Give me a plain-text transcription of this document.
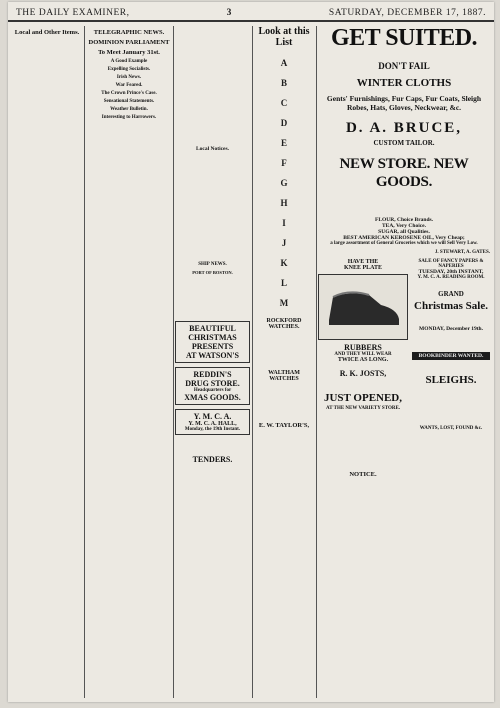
THE DAILY EXAMINER,	3	SATURDAY, DECEMBER 17, 1887.
Local and Other Items.	TELEGRAPHIC NEWS.
DOMINION PARLIAMENT
To Meet January 31st.
A Good Example
Expelling Socialists.
Irish News.
War Feared.
The Crown Prince's Case.
Sensational Statements.
Weather Bulletin.
Interesting to Harrowers.
Local Notices.
SHIP NEWS.
PORT OF BOSTON.
BEAUTIFUL
CHRISTMAS
PRESENTS
AT WATSON'S
REDDIN'S
DRUG STORE.
Headquarters for
XMAS GOODS.
Y. M. C. A.
Y. M. C. A. HALL,
Monday, the 19th Instant.
TENDERS.
Look at this List
A
B
C
D
E
F
G
H
I
J
K
L
M
ROCKFORD WATCHES.
WALTHAM WATCHES
E. W. TAYLOR'S,
GET SUITED.
DON'T FAIL
WINTER CLOTHS
Gents' Furnishings, Fur Caps, Fur Coats, Sleigh Robes, Hats, Gloves, Neckwear, &c.
D. A. BRUCE,
CUSTOM TAILOR.
NEW STORE. NEW GOODS.
FLOUR, Choice Brands.
TEA, Very Choice.
SUGAR, all Qualities.
BEST AMERICAN KEROSENE OIL, Very Cheap;
a large assortment of General Groceries which we will Sell Very Low.
J. STEWART, A. GATES.
HAVE THE
KNEE PLATE
RUBBERS
AND THEY WILL WEAR
TWICE AS LONG.
R. K. JOSTS,
JUST OPENED,
AT THE NEW VARIETY STORE.
NOTICE.
SALE OF FANCY PAPERS & NAPERIES
TUESDAY, 20th INSTANT,
Y. M. C. A. READING ROOM.
GRAND
Christmas Sale.
MONDAY, December 19th.
BOOKBINDER WANTED.
SLEIGHS.
WANTS, LOST, FOUND &c.
